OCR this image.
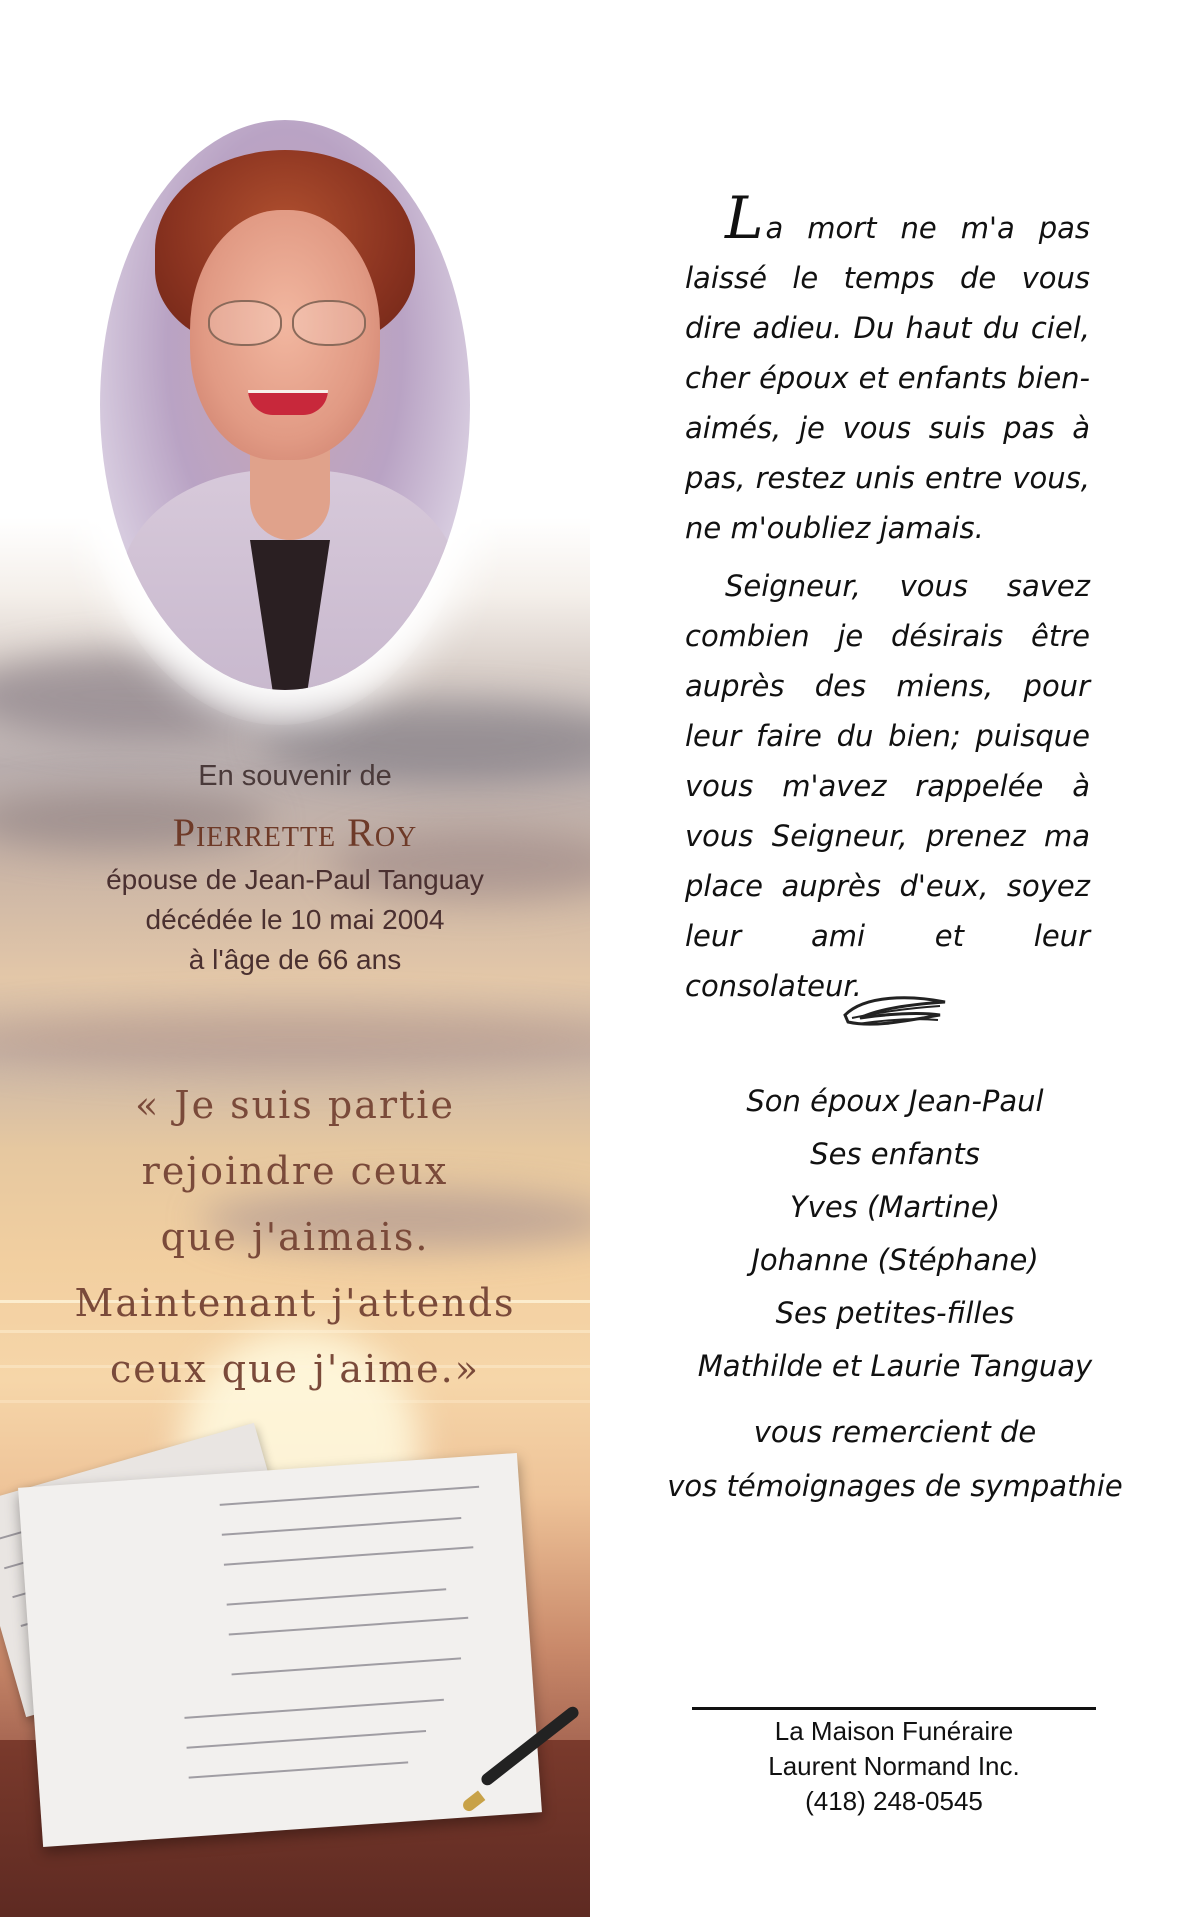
En souvenir de
Pierrette Roy
épouse de Jean-Paul Tanguay
décédée le 10 mai 2004
à l'âge de 66 ans
« Je suis partie
rejoindre ceux
que j'aimais.
Maintenant j'attends
ceux que j'aime.»

La mort ne m'a pas laissé le temps de vous dire adieu. Du haut du ciel, cher époux et enfants bien-aimés, je vous suis pas à pas, restez unis entre vous, ne m'oubliez jamais.

Seigneur, vous savez combien je désirais être auprès des miens, pour leur faire du bien; puisque vous m'avez rappelée à vous Seigneur, prenez ma place auprès d'eux, soyez leur ami et leur consolateur.

Son époux Jean-Paul
Ses enfants
Yves (Martine)
Johanne (Stéphane)
Ses petites-filles
Mathilde et Laurie Tanguay
vous remercient de
vos témoignages de sympathie
La Maison Funéraire
Laurent Normand Inc.
(418) 248-0545
